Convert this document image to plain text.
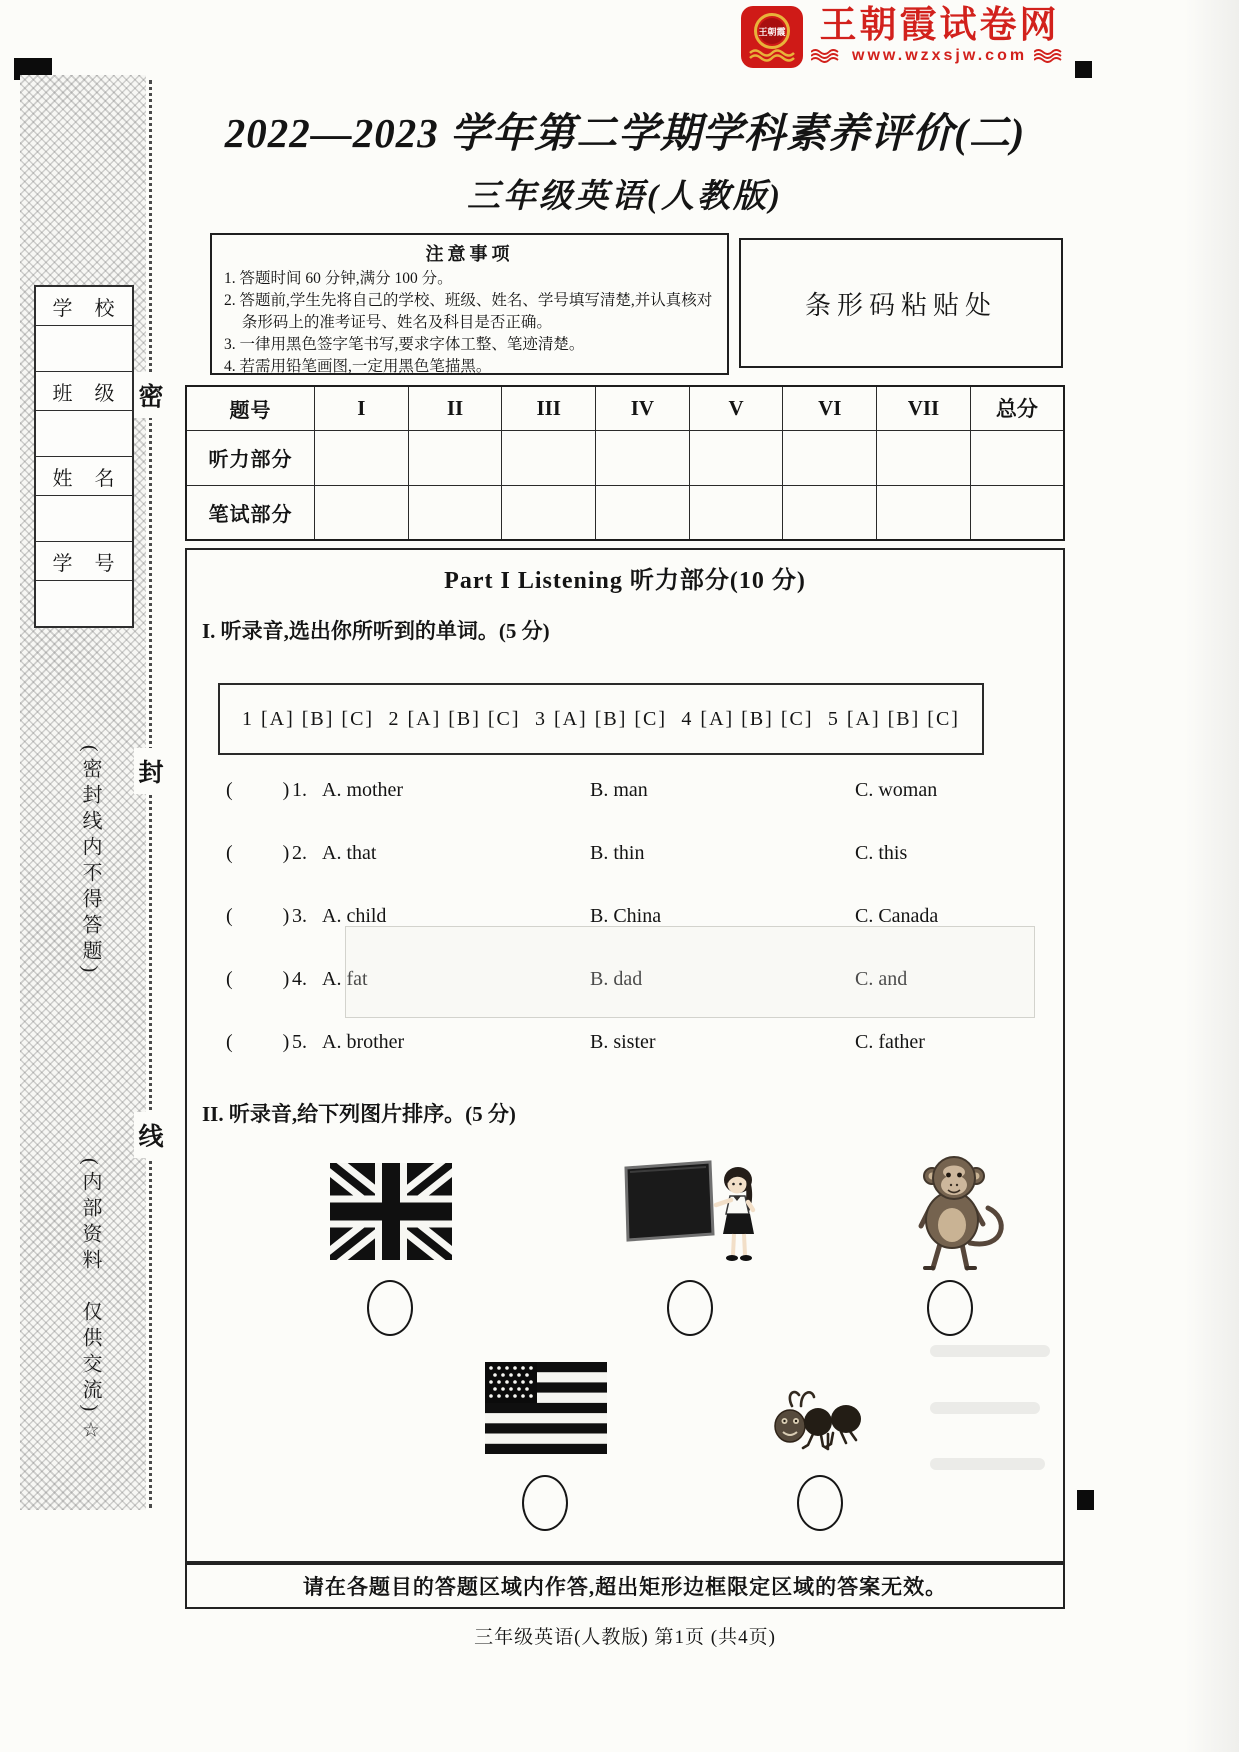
王朝霞 王朝霞试卷网
www.wzxsjw.com
学　校
班　级
姓　名
学　号
密
封
线
(密封线内不得答题)
(内部资料　仅供交流)☆
2022—2023 学年第二学期学科素养评价(二)
三年级英语(人教版)
注意事项
1. 答题时间 60 分钟,满分 100 分。
2. 答题前,学生先将自己的学校、班级、姓名、学号填写清楚,并认真核对条形码上的准考证号、姓名及科目是否正确。
3. 一律用黑色签字笔书写,要求字体工整、笔迹清楚。
4. 若需用铅笔画图,一定用黑色笔描黑。
条形码粘贴处
题号	I	II	III	IV	V	VI	VII	总分
听力部分								
笔试部分								
Part I Listening 听力部分(10 分)
I. 听录音,选出你所听到的单词。(5 分)
1 [A] [B] [C] 2 [A] [B] [C] 3 [A] [B] [C] 4 [A] [B] [C] 5 [A] [B] [C]
(          ) 1. A. mother	B. man	C. woman
(          ) 2. A. that	B. thin	C. this
(          ) 3. A. child	B. China	C. Canada
(          ) 4. A. fat	B. dad	C. and
(          ) 5. A. brother	B. sister	C. father
II. 听录音,给下列图片排序。(5 分)
请在各题目的答题区域内作答,超出矩形边框限定区域的答案无效。
三年级英语(人教版) 第1页 (共4页)
